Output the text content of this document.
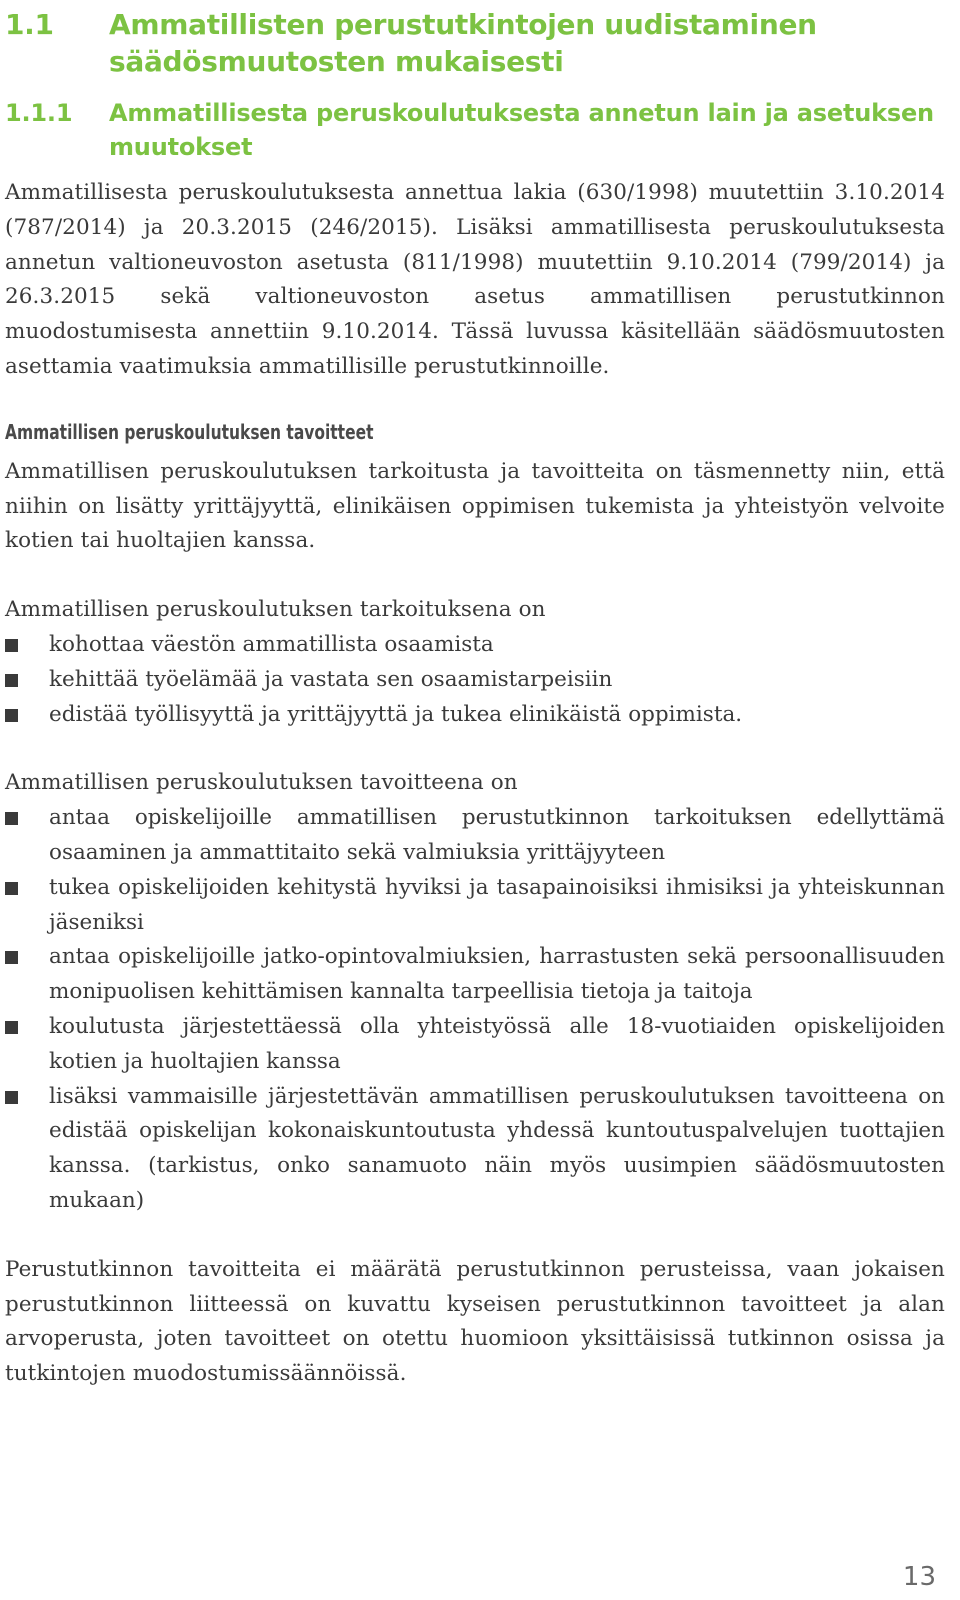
1.1 Ammatillisten perustutkintojen uudistaminen säädösmuutosten mukaisesti
1.1.1 Ammatillisesta peruskoulutuksesta annetun lain ja asetuksen muutokset

Ammatillisesta peruskoulutuksesta annettua lakia (630/1998) muutettiin 3.10.2014 (787/2014) ja 20.3.2015 (246/2015). Lisäksi ammatillisesta peruskoulutuksesta annetun valtioneuvoston asetusta (811/1998) muutettiin 9.10.2014 (799/2014) ja 26.3.2015 sekä valtioneuvoston asetus ammatillisen perustutkinnon muodostumisesta annettiin 9.10.2014. Tässä luvussa käsitellään säädösmuutosten asettamia vaatimuksia ammatillisille perustutkinnoille.

Ammatillisen peruskoulutuksen tavoitteet

Ammatillisen peruskoulutuksen tarkoitusta ja tavoitteita on täsmennetty niin, että niihin on lisätty yrittäjyyttä, elinikäisen oppimisen tukemista ja yhteistyön velvoite kotien tai huoltajien kanssa.

Ammatillisen peruskoulutuksen tarkoituksena on

kohottaa väestön ammatillista osaamista
kehittää työelämää ja vastata sen osaamistarpeisiin
edistää työllisyyttä ja yrittäjyyttä ja tukea elinikäistä oppimista.

Ammatillisen peruskoulutuksen tavoitteena on

antaa opiskelijoille ammatillisen perustutkinnon tarkoituksen edellyttämä osaaminen ja ammattitaito sekä valmiuksia yrittäjyyteen
tukea opiskelijoiden kehitystä hyviksi ja tasapainoisiksi ihmisiksi ja yhteiskunnan jäseniksi
antaa opiskelijoille jatko-opintovalmiuksien, harrastusten sekä persoonallisuuden monipuolisen kehittämisen kannalta tarpeellisia tietoja ja taitoja
koulutusta järjestettäessä olla yhteistyössä alle 18-vuotiaiden opiskelijoiden kotien ja huoltajien kanssa
lisäksi vammaisille järjestettävän ammatillisen peruskoulutuksen tavoitteena on edistää opiskelijan kokonaiskuntoutusta yhdessä kuntoutuspalvelujen tuottajien kanssa. (tarkistus, onko sanamuoto näin myös uusimpien säädösmuutosten mukaan)

Perustutkinnon tavoitteita ei määrätä perustutkinnon perusteissa, vaan jokaisen perustutkinnon liitteessä on kuvattu kyseisen perustutkinnon tavoitteet ja alan arvoperusta, joten tavoitteet on otettu huomioon yksittäisissä tutkinnon osissa ja tutkintojen muodostumissäännöissä.

13
